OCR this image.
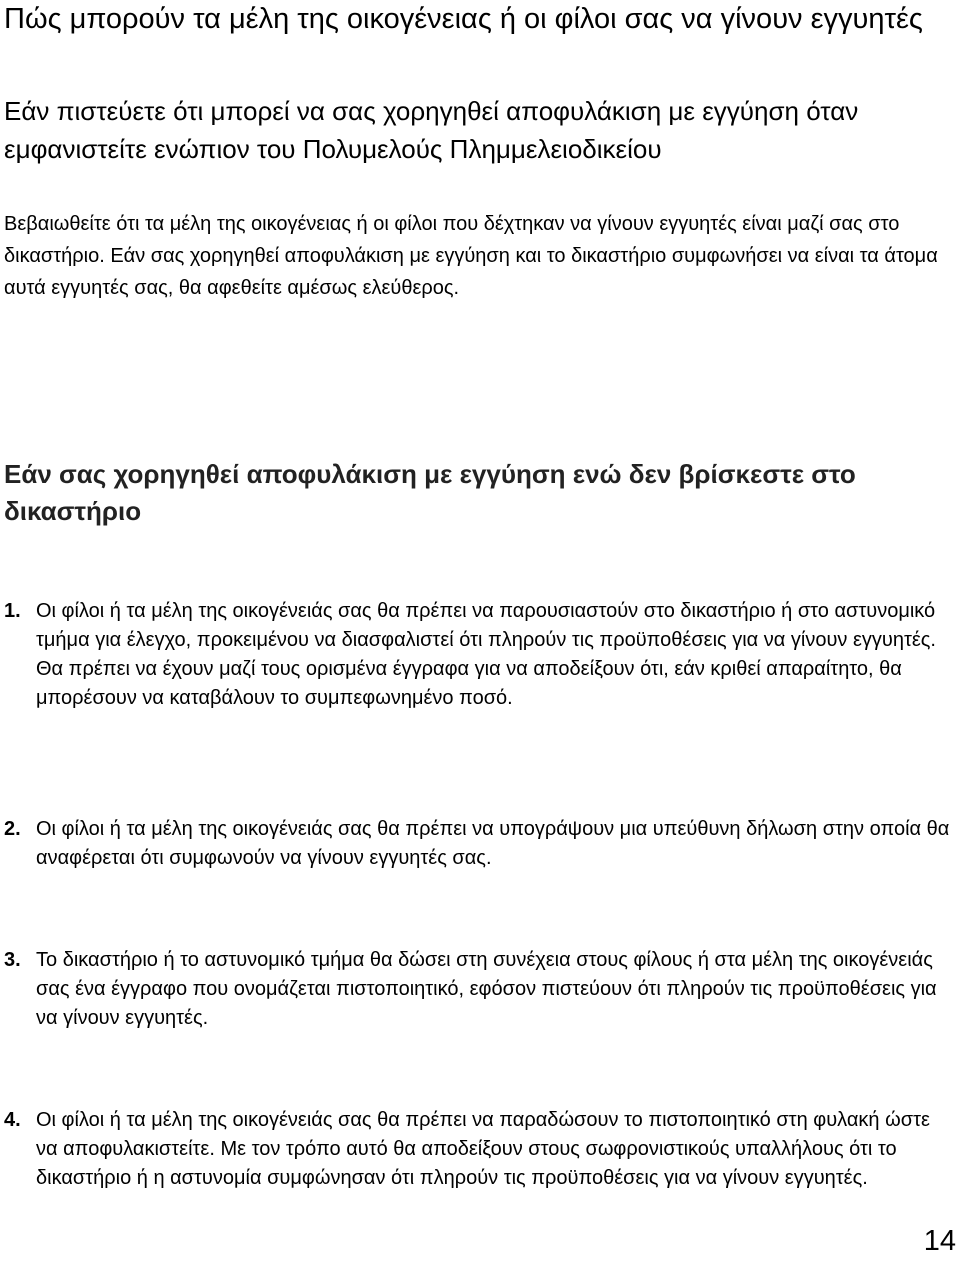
Πώς μπορούν τα μέλη της οικογένειας ή οι φίλοι σας να γίνουν εγγυητές
Εάν πιστεύετε ότι μπορεί να σας χορηγηθεί αποφυλάκιση με εγγύηση όταν εμφανιστείτε ενώπιον του Πολυμελούς Πλημμελειοδικείου

Βεβαιωθείτε ότι τα μέλη της οικογένειας ή οι φίλοι που δέχτηκαν να γίνουν εγγυητές είναι μαζί σας στο δικαστήριο. Εάν σας χορηγηθεί αποφυλάκιση με εγγύηση και το δικαστήριο συμφωνήσει να είναι τα άτομα αυτά εγγυητές σας, θα αφεθείτε αμέσως ελεύθερος.

Εάν σας χορηγηθεί αποφυλάκιση με εγγύηση ενώ δεν βρίσκεστε στο δικαστήριο
1. Οι φίλοι ή τα μέλη της οικογένειάς σας θα πρέπει να παρουσιαστούν στο δικαστήριο ή στο αστυνομικό τμήμα για έλεγχο, προκειμένου να διασφαλιστεί ότι πληρούν τις προϋποθέσεις για να γίνουν εγγυητές. Θα πρέπει να έχουν μαζί τους ορισμένα έγγραφα για να αποδείξουν ότι, εάν κριθεί απαραίτητο, θα μπορέσουν να καταβάλουν το συμπεφωνημένο ποσό.
2. Οι φίλοι ή τα μέλη της οικογένειάς σας θα πρέπει να υπογράψουν μια υπεύθυνη δήλωση στην οποία θα αναφέρεται ότι συμφωνούν να γίνουν εγγυητές σας.
3. Το δικαστήριο ή το αστυνομικό τμήμα θα δώσει στη συνέχεια στους φίλους ή στα μέλη της οικογένειάς σας ένα έγγραφο που ονομάζεται πιστοποιητικό, εφόσον πιστεύουν ότι πληρούν τις προϋποθέσεις για να γίνουν εγγυητές.
4. Οι φίλοι ή τα μέλη της οικογένειάς σας θα πρέπει να παραδώσουν το πιστοποιητικό στη φυλακή ώστε να αποφυλακιστείτε. Με τον τρόπο αυτό θα αποδείξουν στους σωφρονιστικούς υπαλλήλους ότι το δικαστήριο ή η αστυνομία συμφώνησαν ότι πληρούν τις προϋποθέσεις για να γίνουν εγγυητές.
14
